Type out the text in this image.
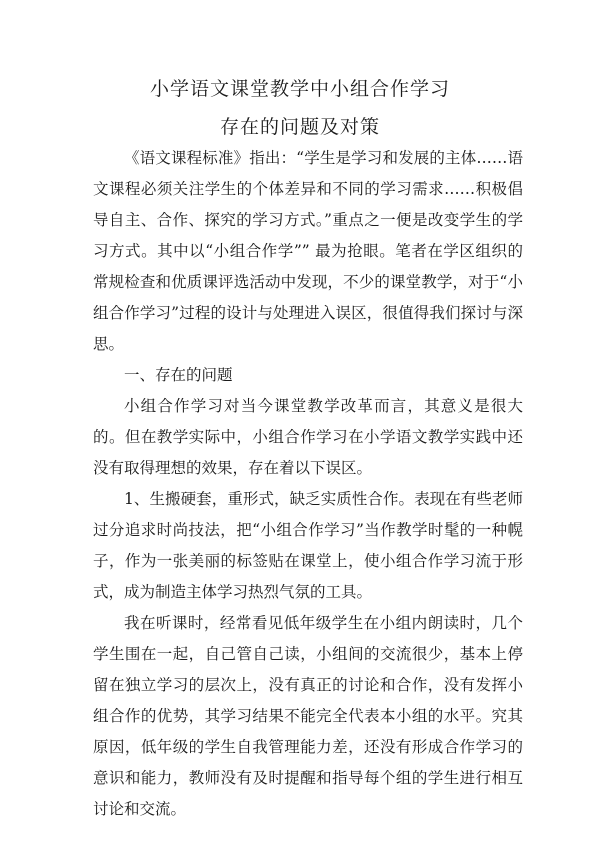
小学语文课堂教学中小组合作学习
存在的问题及对策

《语文课程标准》指出：“学生是学习和发展的主体……语文课程必须关注学生的个体差异和不同的学习需求……积极倡导自主、合作、探究的学习方式。”重点之一便是改变学生的学习方式。其中以“小组合作学”” 最为抢眼。笔者在学区组织的常规检查和优质课评选活动中发现，不少的课堂教学，对于“小组合作学习”过程的设计与处理进入误区，很值得我们探讨与深思。

一、存在的问题

小组合作学习对当今课堂教学改革而言，其意义是很大的。但在教学实际中，小组合作学习在小学语文教学实践中还没有取得理想的效果，存在着以下误区。

1、生搬硬套，重形式，缺乏实质性合作。表现在有些老师过分追求时尚技法，把“小组合作学习”当作教学时髦的一种幌子，作为一张美丽的标签贴在课堂上，使小组合作学习流于形式，成为制造主体学习热烈气氛的工具。

我在听课时，经常看见低年级学生在小组内朗读时，几个学生围在一起，自己管自己读，小组间的交流很少，基本上停留在独立学习的层次上，没有真正的讨论和合作，没有发挥小组合作的优势，其学习结果不能完全代表本小组的水平。究其原因，低年级的学生自我管理能力差，还没有形成合作学习的意识和能力，教师没有及时提醒和指导每个组的学生进行相互讨论和交流。
